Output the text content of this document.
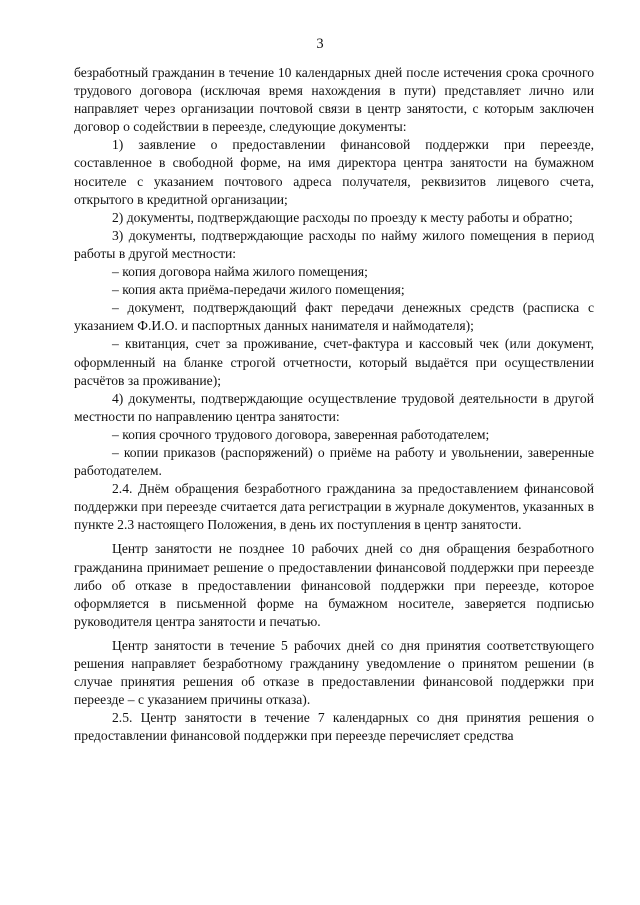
3

безработный гражданин в течение 10 календарных дней после истечения срока срочного трудового договора (исключая время нахождения в пути) представляет лично или направляет через организации почтовой связи в центр занятости, с которым заключен договор о содействии в переезде, следующие документы:

1) заявление о предоставлении финансовой поддержки при переезде, составленное в свободной форме, на имя директора центра занятости на бумажном носителе с указанием почтового адреса получателя, реквизитов лицевого счета, открытого в кредитной организации;

2) документы, подтверждающие расходы по проезду к месту работы и обратно;

3) документы, подтверждающие расходы по найму жилого помещения в период работы в другой местности:

– копия договора найма жилого помещения;

– копия акта приёма-передачи жилого помещения;

– документ, подтверждающий факт передачи денежных средств (расписка с указанием Ф.И.О. и паспортных данных нанимателя и наймодателя);

– квитанция, счет за проживание, счет-фактура и кассовый чек (или документ, оформленный на бланке строгой отчетности, который выдаётся при осуществлении расчётов за проживание);

4) документы, подтверждающие осуществление трудовой деятельности в другой местности по направлению центра занятости:

– копия срочного трудового договора, заверенная работодателем;

– копии приказов (распоряжений) о приёме на работу и увольнении, заверенные работодателем.

2.4. Днём обращения безработного гражданина за предоставлением финансовой поддержки при переезде считается дата регистрации в журнале документов, указанных в пункте 2.3 настоящего Положения, в день их поступления в центр занятости.

Центр занятости не позднее 10 рабочих дней со дня обращения безработного гражданина принимает решение о предоставлении финансовой поддержки при переезде либо об отказе в предоставлении финансовой поддержки при переезде, которое оформляется в письменной форме на бумажном носителе, заверяется подписью руководителя центра занятости и печатью.

Центр занятости в течение 5 рабочих дней со дня принятия соответствующего решения направляет безработному гражданину уведомление о принятом решении (в случае принятия решения об отказе в предоставлении финансовой поддержки при переезде – с указанием причины отказа).

2.5. Центр занятости в течение 7 календарных со дня принятия решения о предоставлении финансовой поддержки при переезде перечисляет средства
